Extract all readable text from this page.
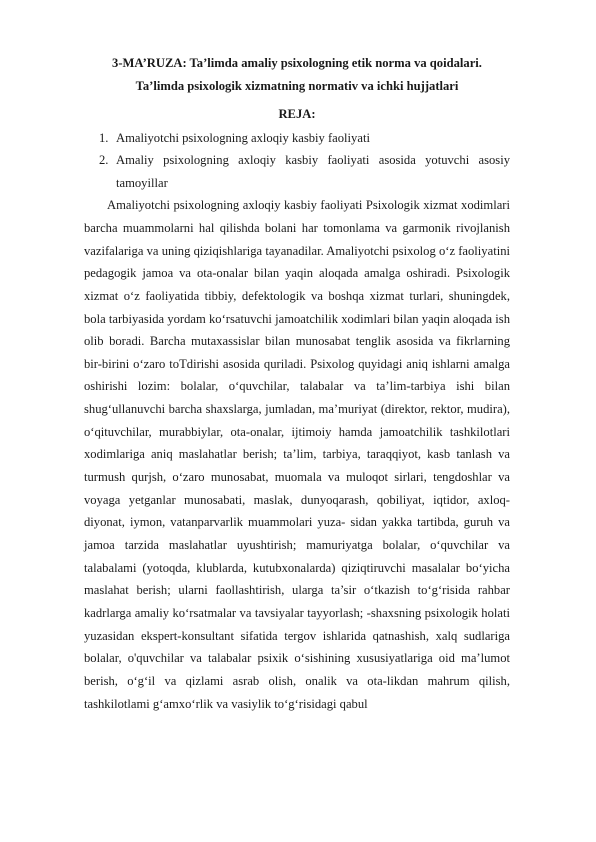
3-MA’RUZA: Ta’limda amaliy psixologning etik norma va qoidalari.

Ta’limda psixologik xizmatning normativ va ichki hujjatlari

REJA:

1. Amaliyotchi psixologning axloqiy kasbiy faoliyati
2. Amaliy psixologning axloqiy kasbiy faoliyati asosida yotuvchi asosiy tamoyillar

Amaliyotchi psixologning axloqiy kasbiy faoliyati Psixologik xizmat xodimlari barcha muammolarni hal qilishda bolani har tomonlama va garmonik rivojlanish vazifalariga va uning qiziqishlariga tayanadilar. Amaliyotchi psixolog o‘z faoliyatini pedagogik jamoa va ota-onalar bilan yaqin aloqada amalga oshiradi. Psixologik xizmat o‘z faoliyatida tibbiy, defektologik va boshqa xizmat turlari, shuningdek, bola tarbiyasida yordam ko‘rsatuvchi jamoatchilik xodimlari bilan yaqin aloqada ish olib boradi. Barcha mutaxassislar bilan munosabat tenglik asosida va fikrlarning bir-birini o‘zaro toTdirishi asosida quriladi. Psixolog quyidagi aniq ishlarni amalga oshirishi lozim: bolalar, o‘quvchilar, talabalar va ta’lim-tarbiya ishi bilan shug‘ullanuvchi barcha shaxslarga, jumladan, ma’muriyat (direktor, rektor, mudira), o‘qituvchilar, murabbiylar, ota-onalar, ijtimoiy hamda jamoatchilik tashkilotlari xodimlariga aniq maslahatlar berish; ta’lim, tarbiya, taraqqiyot, kasb tanlash va turmush qurjsh, o‘zaro munosabat, muomala va muloqot sirlari, tengdoshlar va voyaga yetganlar munosabati, maslak, dunyoqarash, qobiliyat, iqtidor, axloq-diyonat, iymon, vatanparvarlik muammolari yuza- sidan yakka tartibda, guruh va jamoa tarzida maslahatlar uyushtirish; mamuriyatga bolalar, o‘quvchilar va talabalami (yotoqda, klublarda, kutubxonalarda) qiziqtiruvchi masalalar bo‘yicha maslahat berish; ularni faollashtirish, ularga ta’sir o‘tkazish to‘g‘risida rahbar kadrlarga amaliy ko‘rsatmalar va tavsiyalar tayyorlash; -shaxsning psixologik holati yuzasidan ekspert-konsultant sifatida tergov ishlarida qatnashish, xalq sudlariga bolalar, o'quvchilar va talabalar psixik o‘sishining xususiyatlariga oid ma’lumot berish, o‘g‘il va qizlami asrab olish, onalik va ota-likdan mahrum qilish, tashkilotlami g‘amxo‘rlik va vasiylik to‘g‘risidagi qabul
